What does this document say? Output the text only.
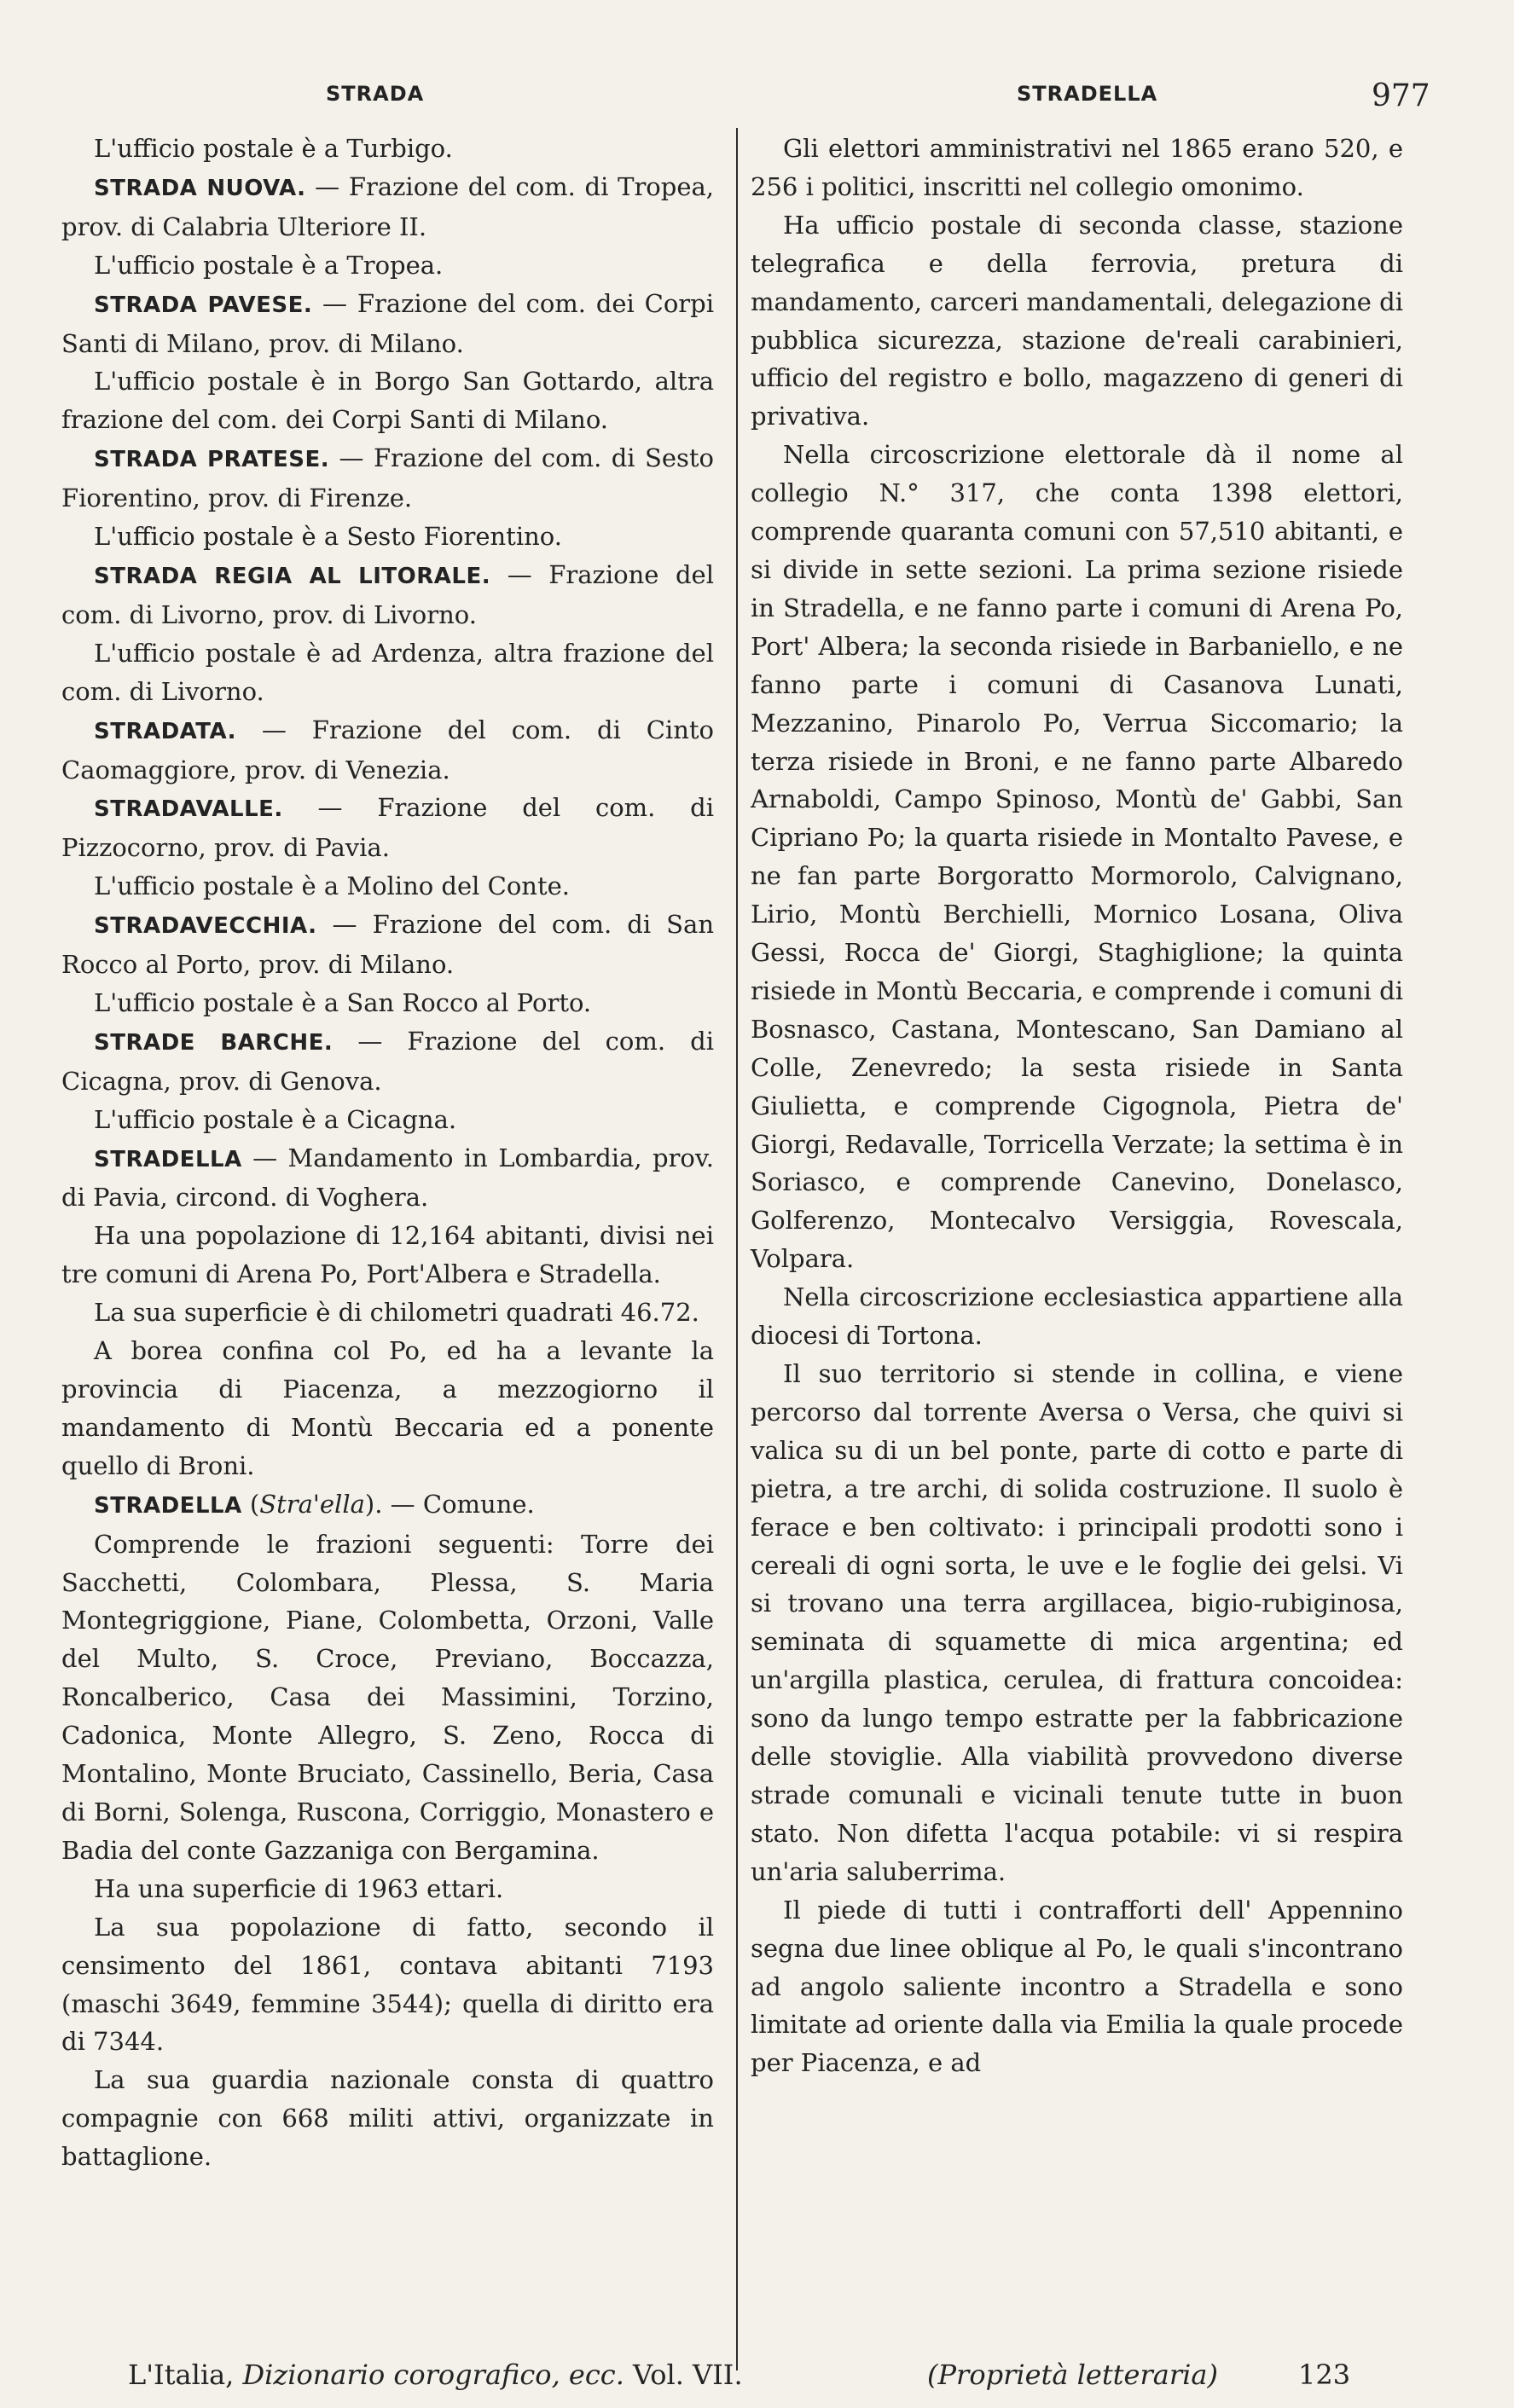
STRADA	STRADELLA	977

L'ufficio postale è a Turbigo.

STRADA NUOVA. — Frazione del com. di Tropea, prov. di Calabria Ulteriore II.

L'ufficio postale è a Tropea.

STRADA PAVESE. — Frazione del com. dei Corpi Santi di Milano, prov. di Milano.

L'ufficio postale è in Borgo San Gottardo, altra frazione del com. dei Corpi Santi di Milano.

STRADA PRATESE. — Frazione del com. di Sesto Fiorentino, prov. di Firenze.

L'ufficio postale è a Sesto Fiorentino.

STRADA REGIA AL LITORALE. — Frazione del com. di Livorno, prov. di Livorno.

L'ufficio postale è ad Ardenza, altra frazione del com. di Livorno.

STRADATA. — Frazione del com. di Cinto Caomaggiore, prov. di Venezia.

STRADAVALLE. — Frazione del com. di Pizzocorno, prov. di Pavia.

L'ufficio postale è a Molino del Conte.

STRADAVECCHIA. — Frazione del com. di San Rocco al Porto, prov. di Milano.

L'ufficio postale è a San Rocco al Porto.

STRADE BARCHE. — Frazione del com. di Cicagna, prov. di Genova.

L'ufficio postale è a Cicagna.

STRADELLA — Mandamento in Lombardia, prov. di Pavia, circond. di Voghera.

Ha una popolazione di 12,164 abitanti, divisi nei tre comuni di Arena Po, Port'Albera e Stradella.

La sua superficie è di chilometri quadrati 46.72.

A borea confina col Po, ed ha a levante la provincia di Piacenza, a mezzogiorno il mandamento di Montù Beccaria ed a ponente quello di Broni.

STRADELLA (Stra'ella). — Comune.

Comprende le frazioni seguenti: Torre dei Sacchetti, Colombara, Plessa, S. Maria Montegriggione, Piane, Colombetta, Orzoni, Valle del Multo, S. Croce, Previano, Boccazza, Roncalberico, Casa dei Massimini, Torzino, Cadonica, Monte Allegro, S. Zeno, Rocca di Montalino, Monte Bruciato, Cassinello, Beria, Casa di Borni, Solenga, Ruscona, Corriggio, Monastero e Badia del conte Gazzaniga con Bergamina.

Ha una superficie di 1963 ettari.

La sua popolazione di fatto, secondo il censimento del 1861, contava abitanti 7193 (maschi 3649, femmine 3544); quella di diritto era di 7344.

La sua guardia nazionale consta di quattro compagnie con 668 militi attivi, organizzate in battaglione.

Gli elettori amministrativi nel 1865 erano 520, e 256 i politici, inscritti nel collegio omonimo.

Ha ufficio postale di seconda classe, stazione telegrafica e della ferrovia, pretura di mandamento, carceri mandamentali, delegazione di pubblica sicurezza, stazione de'reali carabinieri, ufficio del registro e bollo, magazzeno di generi di privativa.

Nella circoscrizione elettorale dà il nome al collegio N.° 317, che conta 1398 elettori, comprende quaranta comuni con 57,510 abitanti, e si divide in sette sezioni. La prima sezione risiede in Stradella, e ne fanno parte i comuni di Arena Po, Port' Albera; la seconda risiede in Barbaniello, e ne fanno parte i comuni di Casanova Lunati, Mezzanino, Pinarolo Po, Verrua Siccomario; la terza risiede in Broni, e ne fanno parte Albaredo Arnaboldi, Campo Spinoso, Montù de' Gabbi, San Cipriano Po; la quarta risiede in Montalto Pavese, e ne fan parte Borgoratto Mormorolo, Calvignano, Lirio, Montù Berchielli, Mornico Losana, Oliva Gessi, Rocca de' Giorgi, Staghiglione; la quinta risiede in Montù Beccaria, e comprende i comuni di Bosnasco, Castana, Montescano, San Damiano al Colle, Zenevredo; la sesta risiede in Santa Giulietta, e comprende Cigognola, Pietra de' Giorgi, Redavalle, Torricella Verzate; la settima è in Soriasco, e comprende Canevino, Donelasco, Golferenzo, Montecalvo Versiggia, Rovescala, Volpara.

Nella circoscrizione ecclesiastica appartiene alla diocesi di Tortona.

Il suo territorio si stende in collina, e viene percorso dal torrente Aversa o Versa, che quivi si valica su di un bel ponte, parte di cotto e parte di pietra, a tre archi, di solida costruzione. Il suolo è ferace e ben coltivato: i principali prodotti sono i cereali di ogni sorta, le uve e le foglie dei gelsi. Vi si trovano una terra argillacea, bigio-rubiginosa, seminata di squamette di mica argentina; ed un'argilla plastica, cerulea, di frattura concoidea: sono da lungo tempo estratte per la fabbricazione delle stoviglie. Alla viabilità provvedono diverse strade comunali e vicinali tenute tutte in buon stato. Non difetta l'acqua potabile: vi si respira un'aria saluberrima.

Il piede di tutti i contrafforti dell' Appennino segna due linee oblique al Po, le quali s'incontrano ad angolo saliente incontro a Stradella e sono limitate ad oriente dalla via Emilia la quale procede per Piacenza, e ad

L'Italia, Dizionario corografico, ecc. Vol. VII.	(Proprietà letteraria)	123
